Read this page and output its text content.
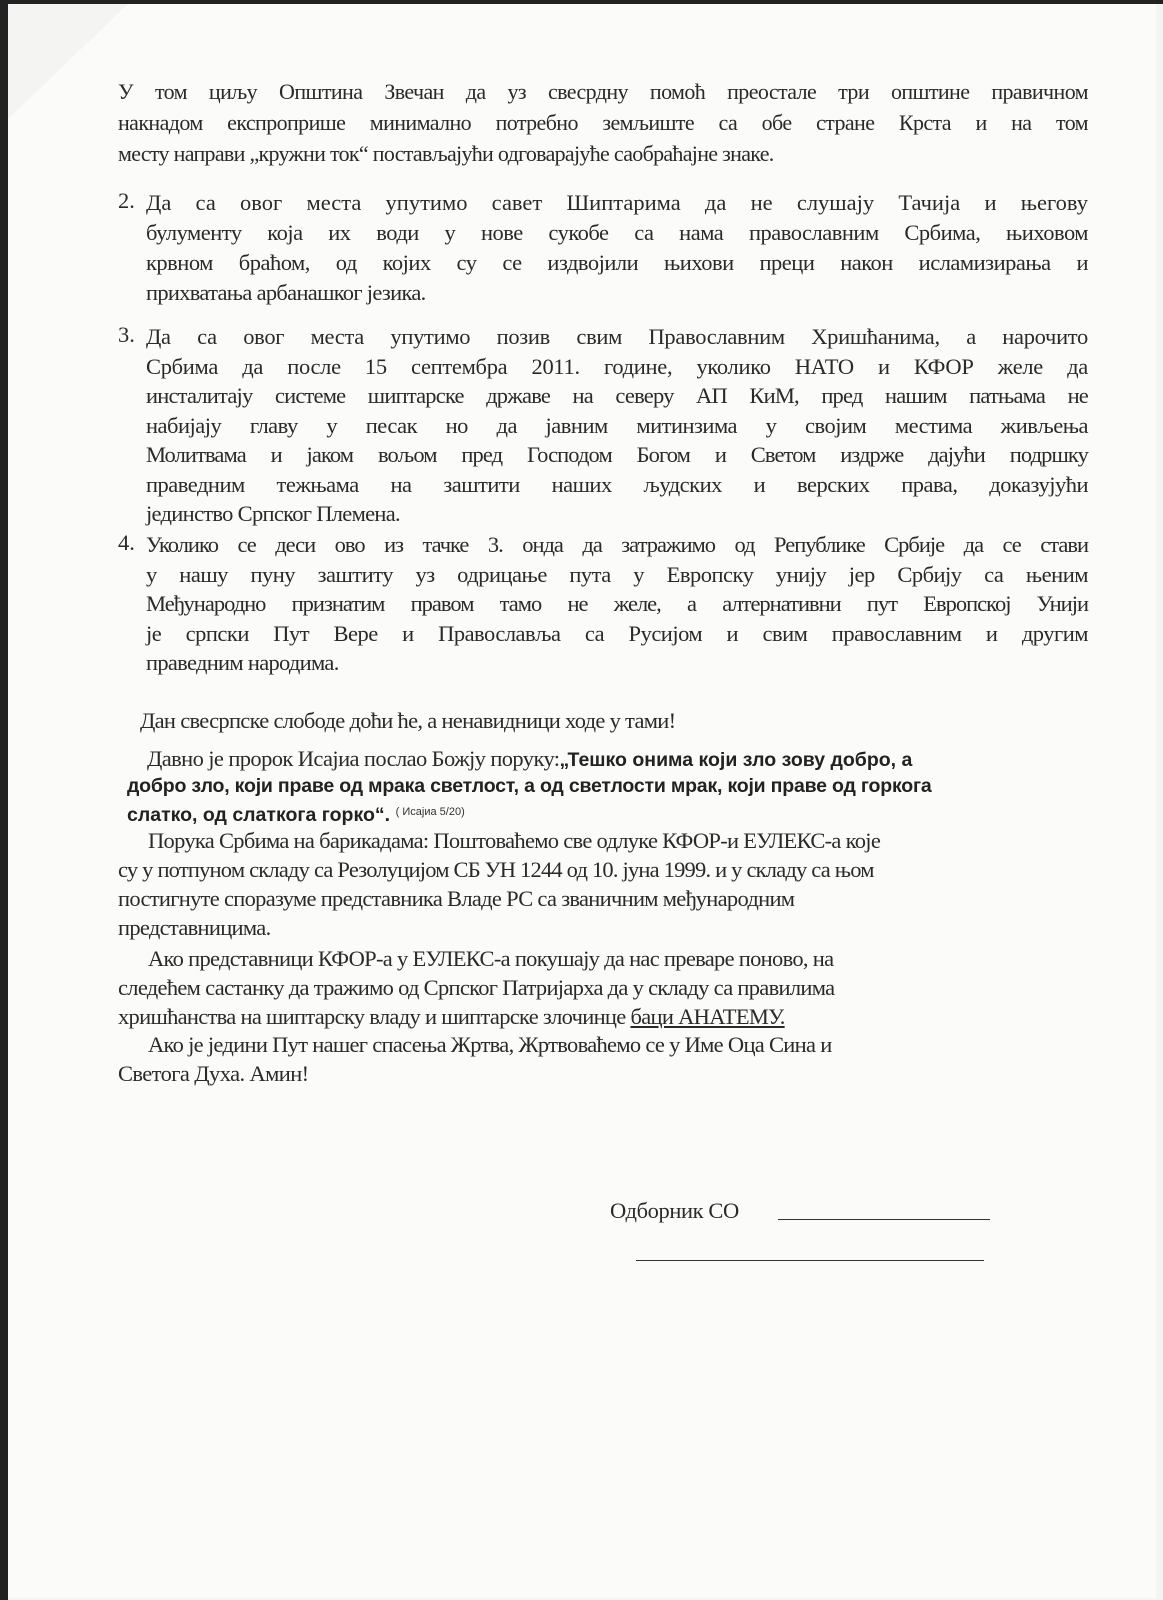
У том циљу Општина Звечан да уз свесрдну помоћ преостале три општине правичном
накнадом експроприше минимално потребно земљиште са обе стране Крста и на том
месту направи „кружни ток“ постављајући одговарајуће саобраћајне знаке.
2. Да са овог места упутимо савет Шиптарима да не слушају Тачија и његову
булументу која их води у нове сукобе са нама православним Србима, њиховом
крвном браћом, од којих су се издвојили њихови преци након исламизирања и
прихватања арбанашког језика.
3. Да са овог места упутимо позив свим Православним Хришћанима, а нарочито
Србима да после 15 септембра 2011. године, уколико НАТО и КФОР желе да
инсталитају системе шиптарске државе на северу АП КиМ, пред нашим патњама не
набијају главу у песак но да јавним митинзима у својим местима живљења
Молитвама и јаком вољом пред Господом Богом и Светом издрже дајући подршку
праведним тежњама на заштити наших људских и верских права, доказујући
јединство Српског Племена.
4. Уколико се деси ово из тачке 3. онда да затражимо од Републике Србије да се стави
у нашу пуну заштиту уз одрицање пута у Европску унију јер Србију са њеним
Међународно признатим правом тамо не желе, а алтернативни пут Европској Унији
је српски Пут Вере и Православља са Русијом и свим православним и другим
праведним народима.
Дан свесрпске слободе доћи ће, а ненавидници ходе у тами!
Давно је пророк Исајиа послао Божју поруку:„Тешко онима који зло зову добро, а
добро зло, који праве од мрака светлост, а од светлости мрак, који праве од горкога
слатко, од слаткога горко“. $^{( Исајиа 5/20)}$
Порука Србима на барикадама: Поштоваћемо све одлуке КФОР-и ЕУЛЕКС-а које
су у потпуном складу са Резолуцијом СБ УН 1244 од 10. јуна 1999. и у складу са њом
постигнуте споразуме представника Владе РС са званичним међународним
представницима.
Ако представници КФОР-а у ЕУЛЕКС-а покушају да нас преваре поново, на
следећем састанку да тражимо од Српског Патријарха да у складу са правилима
хришћанства на шиптарску владу и шиптарске злочинце баци АНАТЕМУ.
Ако је једини Пут нашег спасења Жртва, Жртвоваћемо се у Име Оца Сина и
Светога Духа. Амин!
Одборник СО
